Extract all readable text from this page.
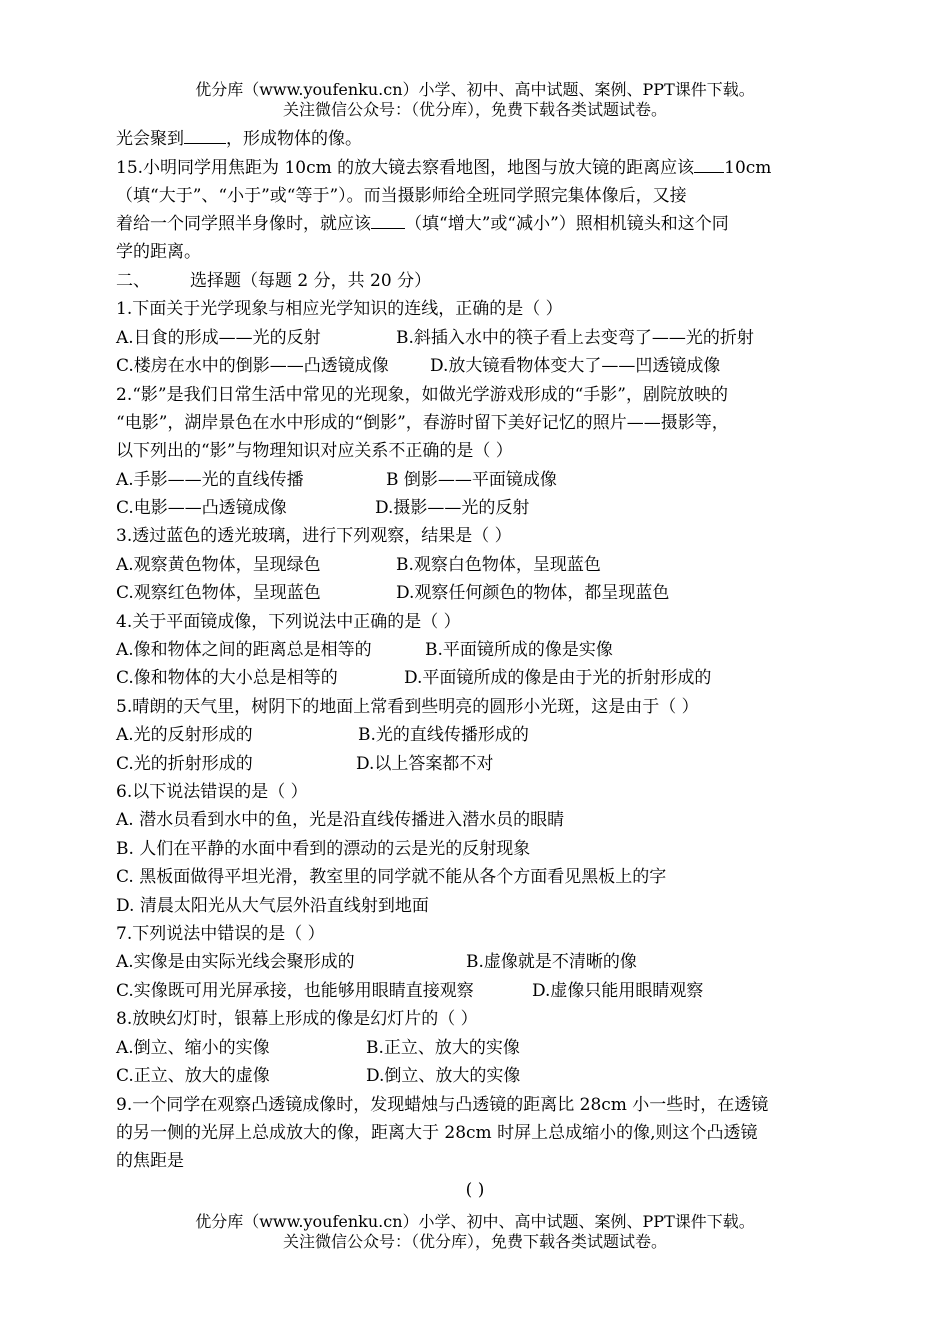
优分库（www.youfenku.cn）小学、初中、高中试题、案例、PPT课件下载。
关注微信公众号：（优分库），免费下载各类试题试卷。
光会聚到 ，形成物体的像。
15.小明同学用焦距为 10cm 的放大镜去察看地图，地图与放大镜的距离应该 10cm
（填“大于”、“小于”或“等于”）。而当摄影师给全班同学照完集体像后，又接
着给一个同学照半身像时，就应该 （填“增大”或“减小”）照相机镜头和这个同
学的距离。
二、 选择题（每题 2 分，共 20 分）
1.下面关于光学现象与相应光学知识的连线，正确的是（ ）
A.日食的形成——光的反射	B.斜插入水中的筷子看上去变弯了——光的折射
C.楼房在水中的倒影——凸透镜成像 D.放大镜看物体变大了——凹透镜成像
2.“影”是我们日常生活中常见的光现象，如做光学游戏形成的“手影”，剧院放映的
“电影”，湖岸景色在水中形成的“倒影”，春游时留下美好记忆的照片——摄影等，
以下列出的“影”与物理知识对应关系不正确的是（ ）
A.手影——光的直线传播	B 倒影——平面镜成像
C.电影——凸透镜成像	D.摄影——光的反射
3.透过蓝色的透光玻璃，进行下列观察，结果是（ ）
A.观察黄色物体，呈现绿色	B.观察白色物体，呈现蓝色
C.观察红色物体，呈现蓝色	D.观察任何颜色的物体，都呈现蓝色
4.关于平面镜成像，下列说法中正确的是（ ）
A.像和物体之间的距离总是相等的	B.平面镜所成的像是实像
C.像和物体的大小总是相等的	D.平面镜所成的像是由于光的折射形成的
5.晴朗的天气里，树阴下的地面上常看到些明亮的圆形小光斑，这是由于（ ）
A.光的反射形成的	B.光的直线传播形成的
C.光的折射形成的	D.以上答案都不对
6.以下说法错误的是（ ）
A. 潜水员看到水中的鱼，光是沿直线传播进入潜水员的眼睛
B. 人们在平静的水面中看到的漂动的云是光的反射现象
C. 黑板面做得平坦光滑，教室里的同学就不能从各个方面看见黑板上的字
D. 清晨太阳光从大气层外沿直线射到地面
7.下列说法中错误的是（ ）
A.实像是由实际光线会聚形成的	B.虚像就是不清晰的像
C.实像既可用光屏承接，也能够用眼睛直接观察	D.虚像只能用眼睛观察
8.放映幻灯时，银幕上形成的像是幻灯片的（ ）
A.倒立、缩小的实像	B.正立、放大的实像
C.正立、放大的虚像	D.倒立、放大的实像
9.一个同学在观察凸透镜成像时，发现蜡烛与凸透镜的距离比 28cm 小一些时，在透镜
的另一侧的光屏上总成放大的像，距离大于 28cm 时屏上总成缩小的像,则这个凸透镜
的焦距是
( )
优分库（www.youfenku.cn）小学、初中、高中试题、案例、PPT课件下载。
关注微信公众号：（优分库），免费下载各类试题试卷。
